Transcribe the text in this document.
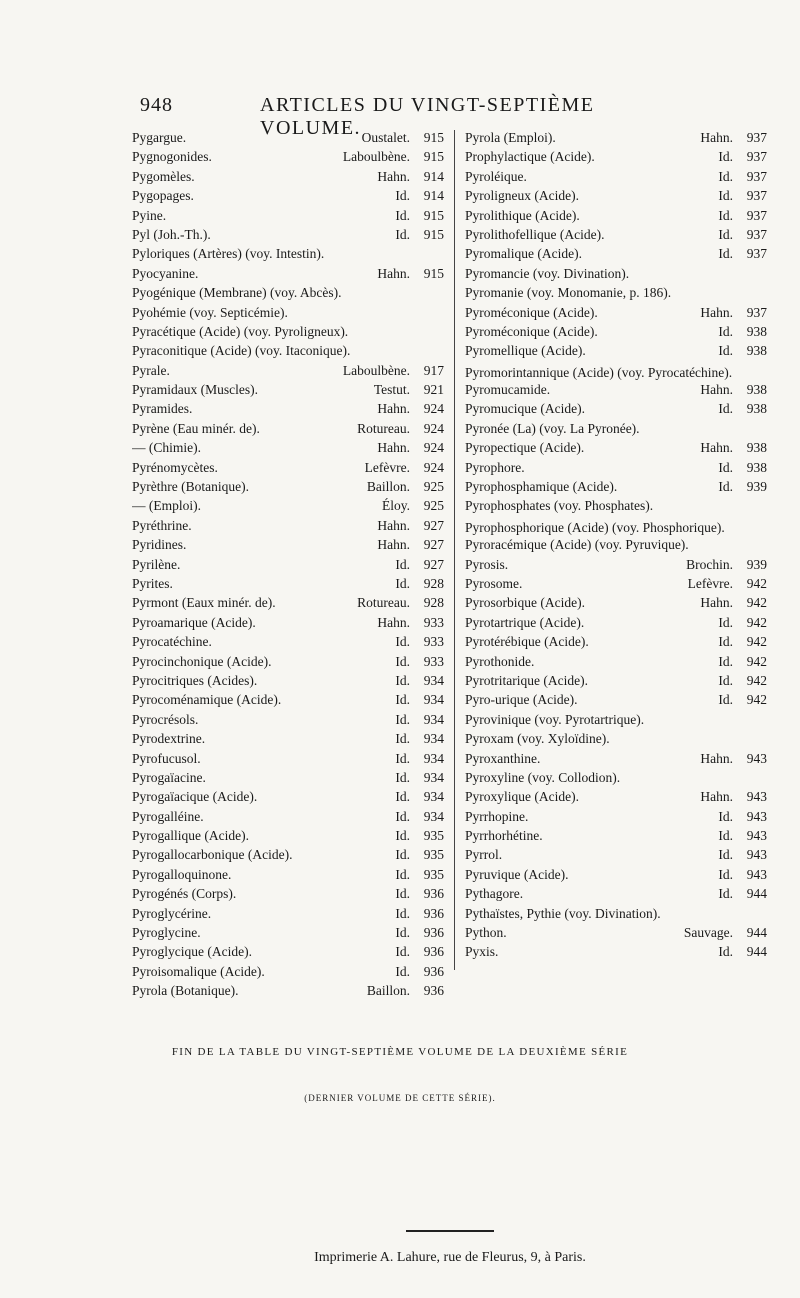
948	ARTICLES DU VINGT-SEPTIÈME VOLUME.
Pygargue.	Oustalet.	915
Pygnogonides.	Laboulbène.	915
Pygomèles.	Hahn.	914
Pygopages.	Id.	914
Pyine.	Id.	915
Pyl (Joh.-Th.).	Id.	915
Pyloriques (Artères) (voy. Intestin).
Pyocyanine.	Hahn.	915
Pyogénique (Membrane) (voy. Abcès).
Pyohémie (voy. Septicémie).
Pyracétique (Acide) (voy. Pyroligneux).
Pyraconitique (Acide) (voy. Itaconique).
Pyrale.	Laboulbène.	917
Pyramidaux (Muscles).	Testut.	921
Pyramides.	Hahn.	924
Pyrène (Eau minér. de).	Rotureau.	924
— (Chimie).	Hahn.	924
Pyrénomycètes.	Lefèvre.	924
Pyrèthre (Botanique).	Baillon.	925
— (Emploi).	Éloy.	925
Pyréthrine.	Hahn.	927
Pyridines.	Hahn.	927
Pyrilène.	Id.	927
Pyrites.	Id.	928
Pyrmont (Eaux minér. de).	Rotureau.	928
Pyroamarique (Acide).	Hahn.	933
Pyrocatéchine.	Id.	933
Pyrocinchonique (Acide).	Id.	933
Pyrocitriques (Acides).	Id.	934
Pyrocoménamique (Acide).	Id.	934
Pyrocrésols.	Id.	934
Pyrodextrine.	Id.	934
Pyrofucusol.	Id.	934
Pyrogaïacine.	Id.	934
Pyrogaïacique (Acide).	Id.	934
Pyrogalléine.	Id.	934
Pyrogallique (Acide).	Id.	935
Pyrogallocarbonique (Acide).	Id.	935
Pyrogalloquinone.	Id.	935
Pyrogénés (Corps).	Id.	936
Pyroglycérine.	Id.	936
Pyroglycine.	Id.	936
Pyroglycique (Acide).	Id.	936
Pyroisomalique (Acide).	Id.	936
Pyrola (Botanique).	Baillon.	936
Pyrola (Emploi).	Hahn.	937
Prophylactique (Acide).	Id.	937
Pyroléique.	Id.	937
Pyroligneux (Acide).	Id.	937
Pyrolithique (Acide).	Id.	937
Pyrolithofellique (Acide).	Id.	937
Pyromalique (Acide).	Id.	937
Pyromancie (voy. Divination).
Pyromanie (voy. Monomanie, p. 186).
Pyroméconique (Acide).	Hahn.	937
Pyroméconique (Acide).	Id.	938
Pyromellique (Acide).	Id.	938
Pyromorintannique (Acide) (voy. Pyrocatéchine).
Pyromucamide.	Hahn.	938
Pyromucique (Acide).	Id.	938
Pyronée (La) (voy. La Pyronée).
Pyropectique (Acide).	Hahn.	938
Pyrophore.	Id.	938
Pyrophosphamique (Acide).	Id.	939
Pyrophosphates (voy. Phosphates).
Pyrophosphorique (Acide) (voy. Phosphorique).
Pyroracémique (Acide) (voy. Pyruvique).
Pyrosis.	Brochin.	939
Pyrosome.	Lefèvre.	942
Pyrosorbique (Acide).	Hahn.	942
Pyrotartrique (Acide).	Id.	942
Pyrotérébique (Acide).	Id.	942
Pyrothonide.	Id.	942
Pyrotritarique (Acide).	Id.	942
Pyro-urique (Acide).	Id.	942
Pyrovinique (voy. Pyrotartrique).
Pyroxam (voy. Xyloïdine).
Pyroxanthine.	Hahn.	943
Pyroxyline (voy. Collodion).
Pyroxylique (Acide).	Hahn.	943
Pyrrhopine.	Id.	943
Pyrrhorhétine.	Id.	943
Pyrrol.	Id.	943
Pyruvique (Acide).	Id.	943
Pythagore.	Id.	944
Pythaïstes, Pythie (voy. Divination).
Python.	Sauvage.	944
Pyxis.	Id.	944
FIN DE LA TABLE DU VINGT-SEPTIÈME VOLUME DE LA DEUXIÈME SÉRIE
(DERNIER VOLUME DE CETTE SÉRIE).
Imprimerie A. Lahure, rue de Fleurus, 9, à Paris.
